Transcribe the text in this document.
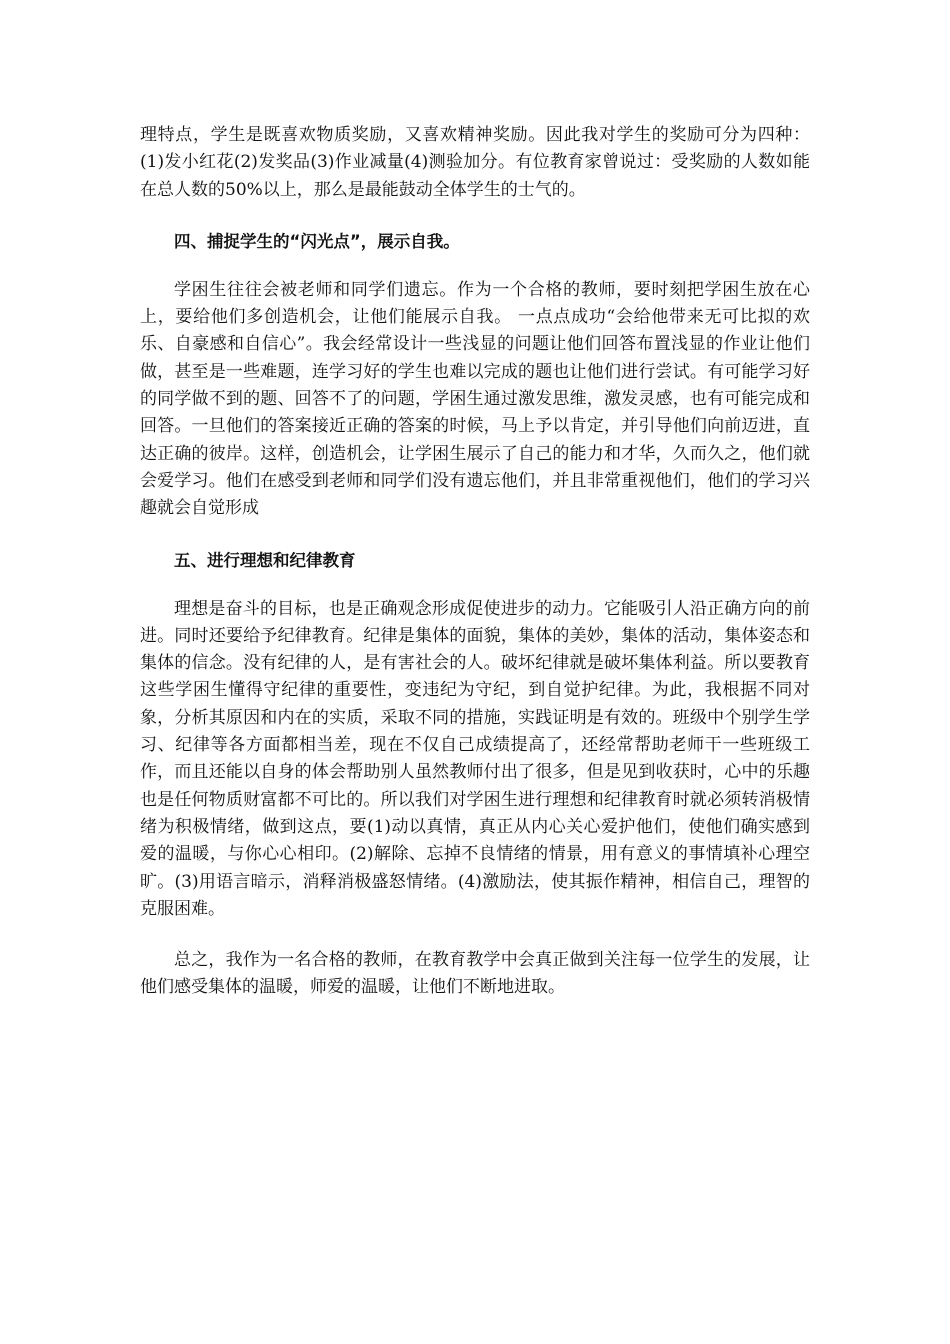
理特点，学生是既喜欢物质奖励，又喜欢精神奖励。因此我对学生的奖励可分为四种：(1)发小红花(2)发奖品(3)作业减量(4)测验加分。有位教育家曾说过：受奖励的人数如能在总人数的50%以上，那么是最能鼓动全体学生的士气的。

四、捕捉学生的“闪光点”，展示自我。

学困生往往会被老师和同学们遗忘。作为一个合格的教师，要时刻把学困生放在心上，要给他们多创造机会，让他们能展示自我。 一点点成功“会给他带来无可比拟的欢乐、自豪感和自信心”。我会经常设计一些浅显的问题让他们回答布置浅显的作业让他们做，甚至是一些难题，连学习好的学生也难以完成的题也让他们进行尝试。有可能学习好的同学做不到的题、回答不了的问题，学困生通过激发思维，激发灵感，也有可能完成和回答。一旦他们的答案接近正确的答案的时候，马上予以肯定，并引导他们向前迈进，直达正确的彼岸。这样，创造机会，让学困生展示了自己的能力和才华，久而久之，他们就会爱学习。他们在感受到老师和同学们没有遗忘他们，并且非常重视他们，他们的学习兴趣就会自觉形成

五、进行理想和纪律教育

理想是奋斗的目标，也是正确观念形成促使进步的动力。它能吸引人沿正确方向的前进。同时还要给予纪律教育。纪律是集体的面貌，集体的美妙，集体的活动，集体姿态和集体的信念。没有纪律的人，是有害社会的人。破坏纪律就是破坏集体利益。所以要教育这些学困生懂得守纪律的重要性，变违纪为守纪，到自觉护纪律。为此，我根据不同对象，分析其原因和内在的实质，采取不同的措施，实践证明是有效的。班级中个别学生学习、纪律等各方面都相当差，现在不仅自己成绩提高了，还经常帮助老师干一些班级工作，而且还能以自身的体会帮助别人虽然教师付出了很多，但是见到收获时，心中的乐趣也是任何物质财富都不可比的。所以我们对学困生进行理想和纪律教育时就必须转消极情绪为积极情绪，做到这点，要(1)动以真情，真正从内心关心爱护他们，使他们确实感到爱的温暖，与你心心相印。(2)解除、忘掉不良情绪的情景，用有意义的事情填补心理空旷。(3)用语言暗示，消释消极盛怒情绪。(4)激励法，使其振作精神，相信自己，理智的克服困难。

总之，我作为一名合格的教师，在教育教学中会真正做到关注每一位学生的发展，让他们感受集体的温暖，师爱的温暖，让他们不断地进取。
